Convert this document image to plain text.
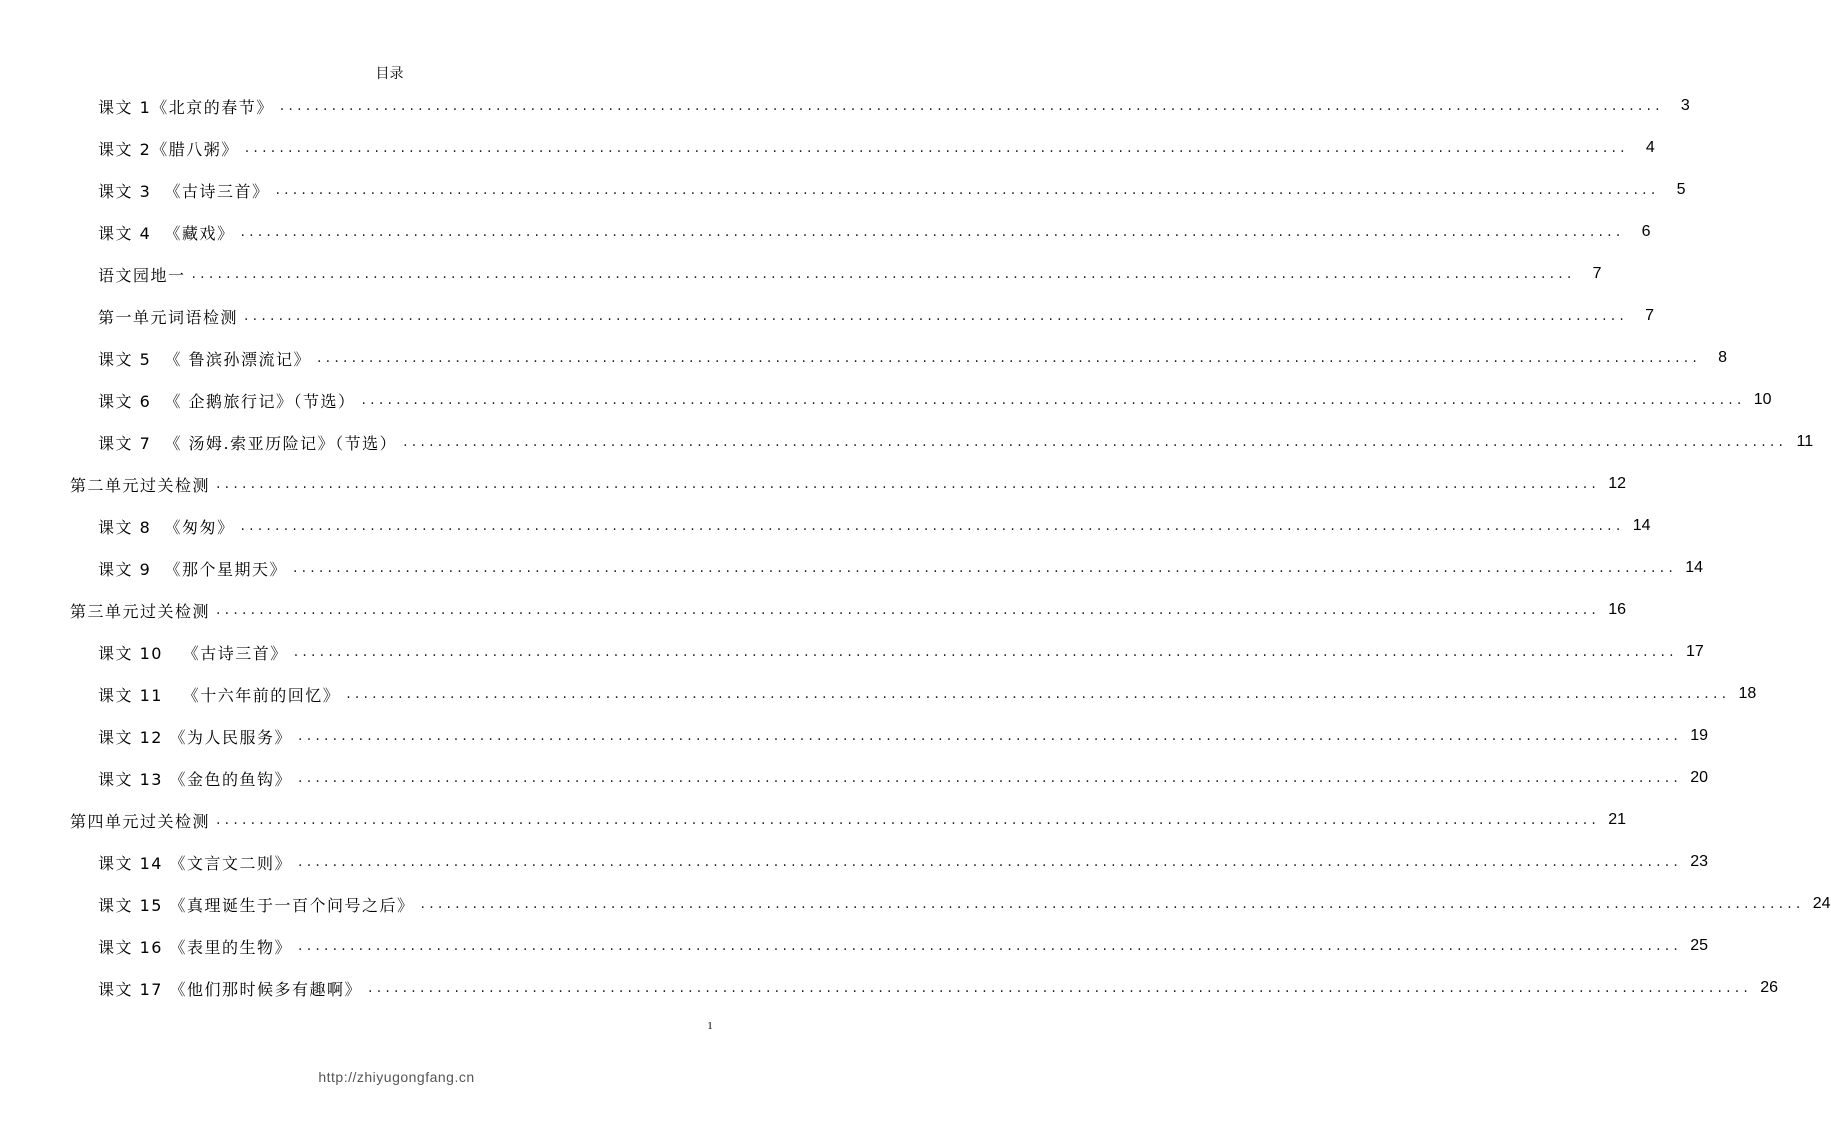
目录
课文 1《北京的春节》 ................................................................................................................................................................	3
课文 2《腊八粥》 ................................................................................................................................................................	4
课文 3  《古诗三首》 ................................................................................................................................................................	5
课文 4  《藏戏》 ................................................................................................................................................................	6
语文园地一 ................................................................................................................................................................	7
第一单元词语检测 ................................................................................................................................................................	7
课文 5  《 鲁滨孙漂流记》 ................................................................................................................................................................	8
课文 6  《 企鹅旅行记》（节选） ................................................................................................................................................................ 10
课文 7  《 汤姆.索亚历险记》（节选） ................................................................................................................................................................ 11
第二单元过关检测 ................................................................................................................................................................ 12
课文 8  《匆匆》 ................................................................................................................................................................ 14
课文 9  《那个星期天》 ................................................................................................................................................................ 14
第三单元过关检测 ................................................................................................................................................................ 16
课文 10   《古诗三首》 ................................................................................................................................................................ 17
课文 11   《十六年前的回忆》 ................................................................................................................................................................ 18
课文 12 《为人民服务》 ................................................................................................................................................................ 19
课文 13 《金色的鱼钩》 ................................................................................................................................................................ 20
第四单元过关检测 ................................................................................................................................................................ 21
课文 14 《文言文二则》 ................................................................................................................................................................ 23
课文 15 《真理诞生于一百个问号之后》 ................................................................................................................................................................ 24
课文 16 《表里的生物》 ................................................................................................................................................................ 25
课文 17 《他们那时候多有趣啊》 ................................................................................................................................................................ 26
1
http://zhiyugongfang.cn
